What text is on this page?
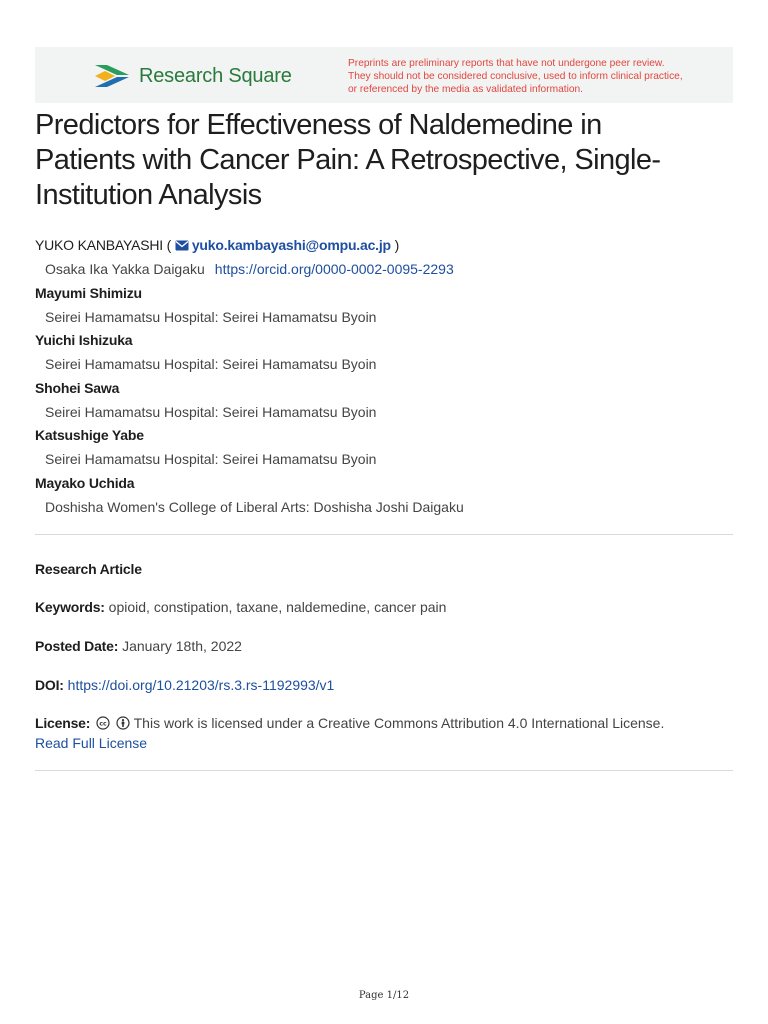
Research Square
Preprints are preliminary reports that have not undergone peer review.
They should not be considered conclusive, used to inform clinical practice,
or referenced by the media as validated information.
Predictors for Effectiveness of Naldemedine in
Patients with Cancer Pain: A Retrospective, Single-
Institution Analysis
YUKO KANBAYASHI ( yuko.kambayashi@ompu.ac.jp )
Osaka Ika Yakka Daigaku https://orcid.org/0000-0002-0095-2293
Mayumi Shimizu
Seirei Hamamatsu Hospital: Seirei Hamamatsu Byoin
Yuichi Ishizuka
Seirei Hamamatsu Hospital: Seirei Hamamatsu Byoin
Shohei Sawa
Seirei Hamamatsu Hospital: Seirei Hamamatsu Byoin
Katsushige Yabe
Seirei Hamamatsu Hospital: Seirei Hamamatsu Byoin
Mayako Uchida
Doshisha Women's College of Liberal Arts: Doshisha Joshi Daigaku
Research Article
Keywords: opioid, constipation, taxane, naldemedine, cancer pain
Posted Date: January 18th, 2022
DOI: https://doi.org/10.21203/rs.3.rs-1192993/v1
License: cc This work is licensed under a Creative Commons Attribution 4.0 International License.
Read Full License
Page 1/12
